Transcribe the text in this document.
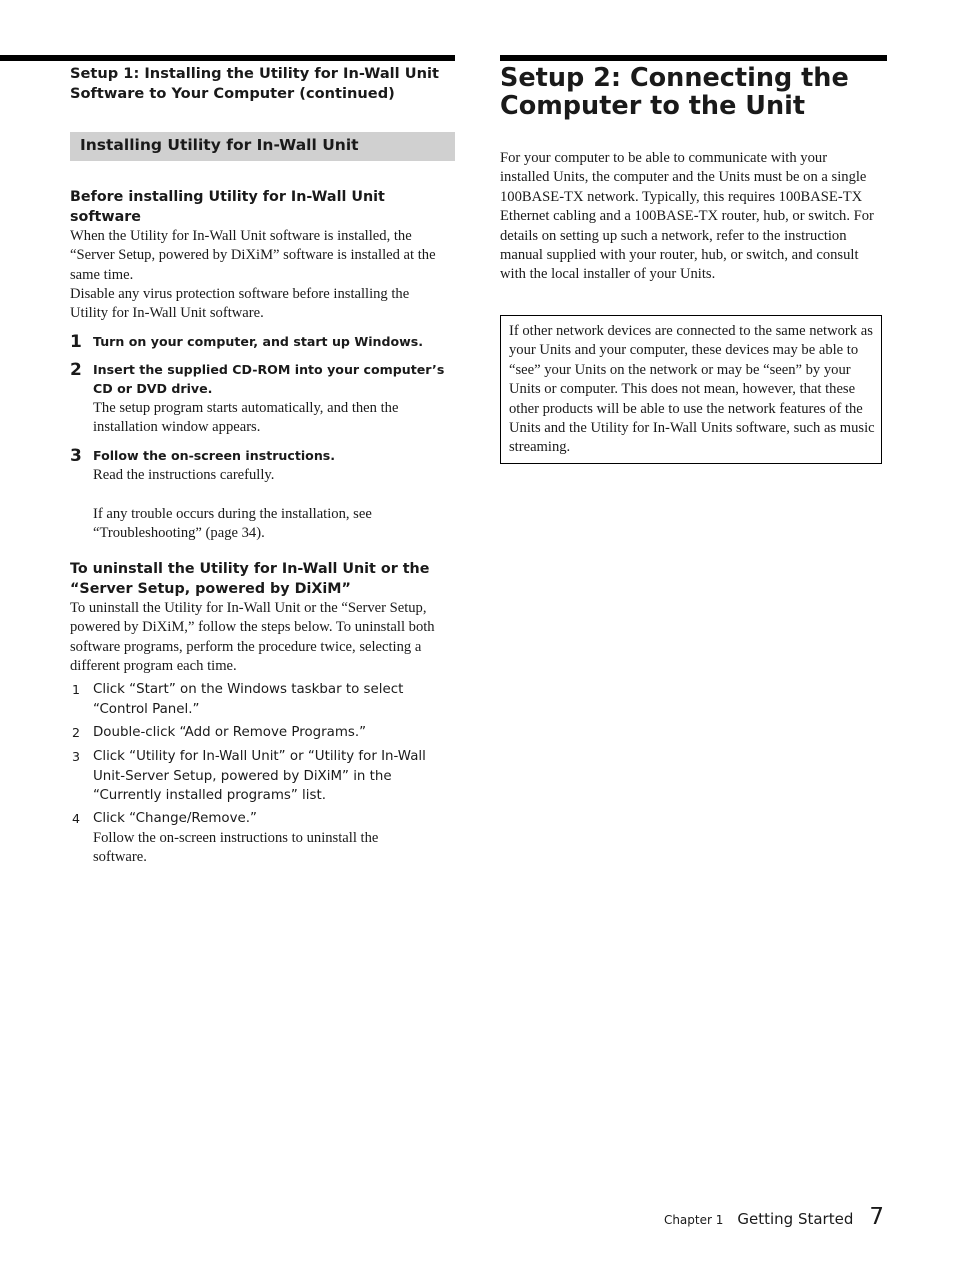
Setup 1: Installing the Utility for In-Wall Unit Software to Your Computer (continued)
Installing Utility for In-Wall Unit
Before installing Utility for In-Wall Unit software

When the Utility for In-Wall Unit software is installed, the “Server Setup, powered by DiXiM” software is installed at the same time.

Disable any virus protection software before installing the Utility for In-Wall Unit software.

1 Turn on your computer, and start up Windows.
2 Insert the supplied CD-ROM into your computer’s CD or DVD drive.
The setup program starts automatically, and then the installation window appears.
3 Follow the on-screen instructions.
Read the instructions carefully.
If any trouble occurs during the installation, see “Troubleshooting” (page 34).
To uninstall the Utility for In-Wall Unit or the “Server Setup, powered by DiXiM”

To uninstall the Utility for In-Wall Unit or the “Server Setup, powered by DiXiM,” follow the steps below. To uninstall both software programs, perform the procedure twice, selecting a different program each time.

1 Click “Start” on the Windows taskbar to select “Control Panel.”
2 Double-click “Add or Remove Programs.”
3 Click “Utility for In-Wall Unit” or “Utility for In-Wall Unit-Server Setup, powered by DiXiM” in the “Currently installed programs” list.
4 Click “Change/Remove.”
Follow the on-screen instructions to uninstall the software.
Setup 2: Connecting the Computer to the Unit

For your computer to be able to communicate with your installed Units, the computer and the Units must be on a single 100BASE-TX network. Typically, this requires 100BASE-TX Ethernet cabling and a 100BASE-TX router, hub, or switch. For details on setting up such a network, refer to the instruction manual supplied with your router, hub, or switch, and consult with the local installer of your Units.

If other network devices are connected to the same network as your Units and your computer, these devices may be able to “see” your Units on the network or may be “seen” by your Units or computer. This does not mean, however, that these other products will be able to use the network features of the Units and the Utility for In-Wall Units software, such as music streaming.

Chapter 1 Getting Started 7
